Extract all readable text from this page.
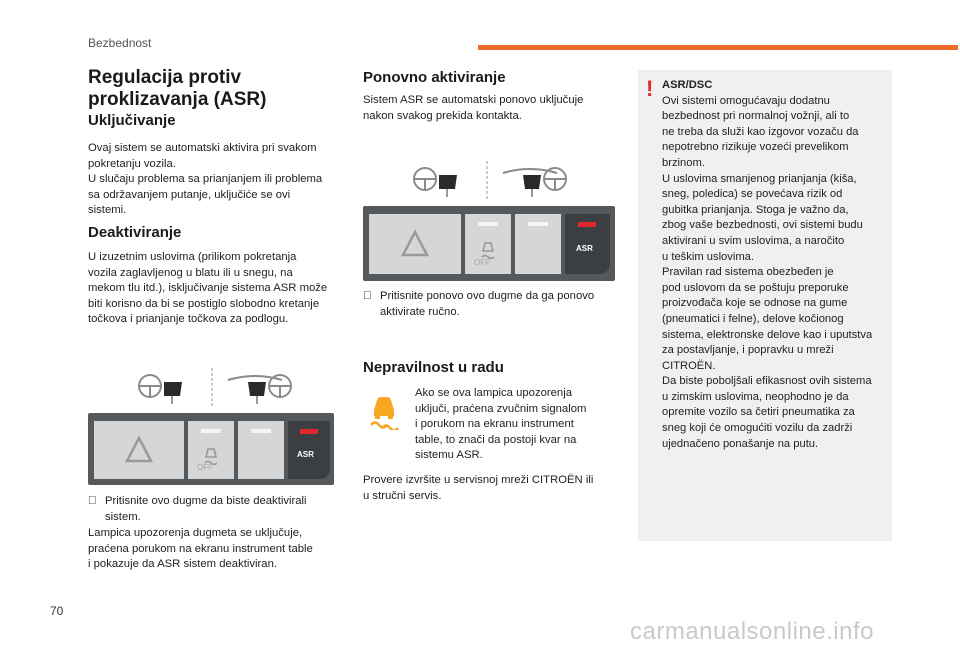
Bezbednost
Regulacija protiv
proklizavanja (ASR)
Uključivanje
Ovaj sistem se automatski aktivira pri svakom
pokretanju vozila.
U slučaju problema sa prianjanjem ili problema
sa održavanjem putanje, uključiće se ovi
sistemi.
Deaktiviranje
U izuzetnim uslovima (prilikom pokretanja
vozila zaglavljenog u blatu ili u snegu, na
mekom tlu itd.), isključivanje sistema ASR može
biti korisno da bi se postiglo slobodno kretanje
točkova i prianjanje točkova za podlogu.
OFF
ASR
Pritisnite ovo dugme da biste deaktivirali
sistem.
Lampica upozorenja dugmeta se uključuje,
praćena porukom na ekranu instrument table
i pokazuje da ASR sistem deaktiviran.
Ponovno aktiviranje
Sistem ASR se automatski ponovo uključuje
nakon svakog prekida kontakta.
OFF
ASR
Pritisnite ponovo ovo dugme da ga ponovo
aktivirate ručno.
Nepravilnost u radu
Ako se ova lampica upozorenja
uključi, praćena zvučnim signalom
i porukom na ekranu instrument
table, to znači da postoji kvar na
sistemu ASR.
Provere izvršite u servisnoj mreži CITROËN ili
u stručni servis.
! ASR/DSC
Ovi sistemi omogućavaju dodatnu
bezbednost pri normalnoj vožnji, ali to
ne treba da služi kao izgovor vozaču da
nepotrebno rizikuje vozeći prevelikom
brzinom.
U uslovima smanjenog prianjanja (kiša,
sneg, poledica) se povećava rizik od
gubitka prianjanja. Stoga je važno da,
zbog vaše bezbednosti, ovi sistemi budu
aktivirani u svim uslovima, a naročito
u teškim uslovima.
Pravilan rad sistema obezbeđen je
pod uslovom da se poštuju preporuke
proizvođača koje se odnose na gume
(pneumatici i felne), delove kočionog
sistema, elektronske delove kao i uputstva
za postavljanje, i popravku u mreži
CITROËN.
Da biste poboljšali efikasnost ovih sistema
u zimskim uslovima, neophodno je da
opremite vozilo sa četiri pneumatika za
sneg koji će omogućiti vozilu da zadrži
ujednačeno ponašanje na putu.
70
carmanualsonline.info
